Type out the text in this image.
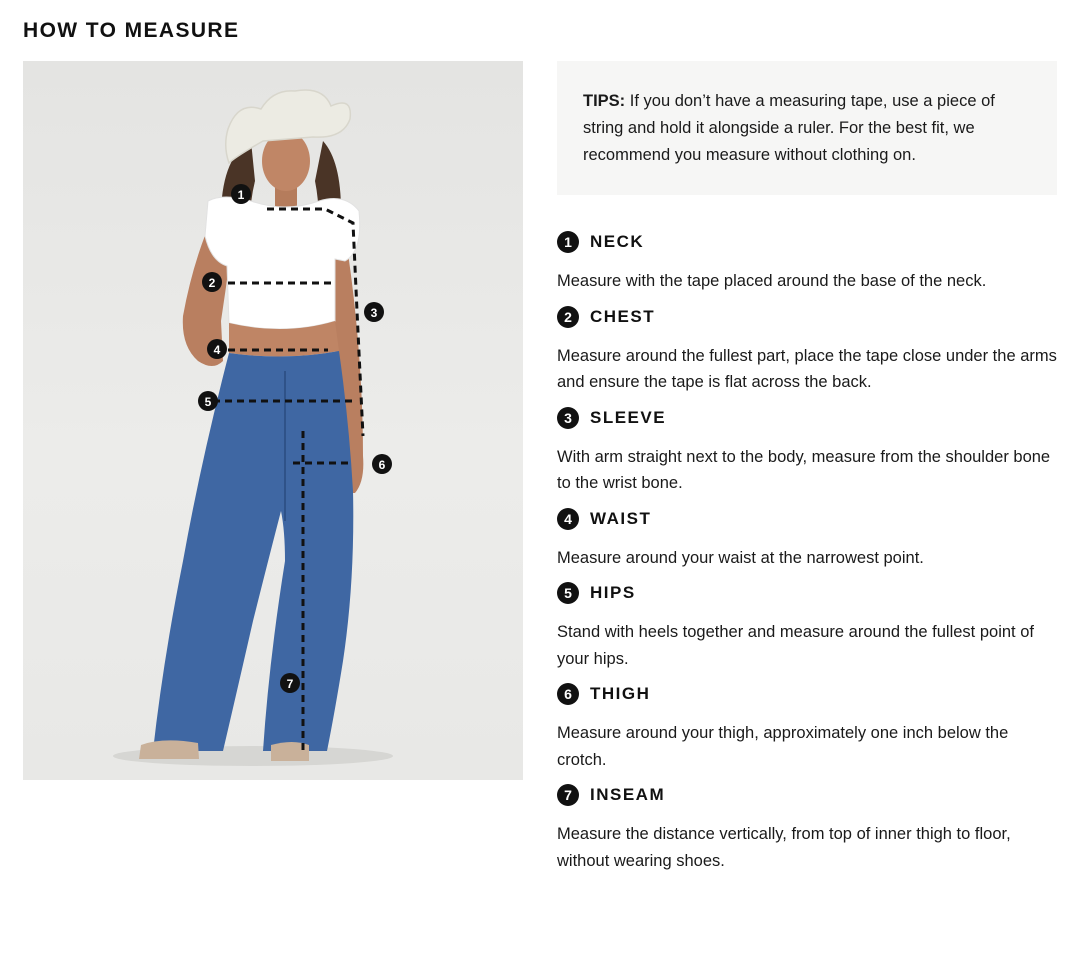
HOW TO MEASURE
1
2
3
4
5
6
7

TIPS: If you don’t have a measuring tape, use a piece of string and hold it alongside a ruler. For the best fit, we recommend you measure without clothing on.

1	NECK

Measure with the tape placed around the base of the neck.

2	CHEST

Measure around the fullest part, place the tape close under the arms and ensure the tape is flat across the back.

3	SLEEVE

With arm straight next to the body, measure from the shoulder bone to the wrist bone.

4	WAIST

Measure around your waist at the narrowest point.

5	HIPS

Stand with heels together and measure around the fullest point of your hips.

6	THIGH

Measure around your thigh, approximately one inch below the crotch.

7	INSEAM

Measure the distance vertically, from top of inner thigh to floor, without wearing shoes.
